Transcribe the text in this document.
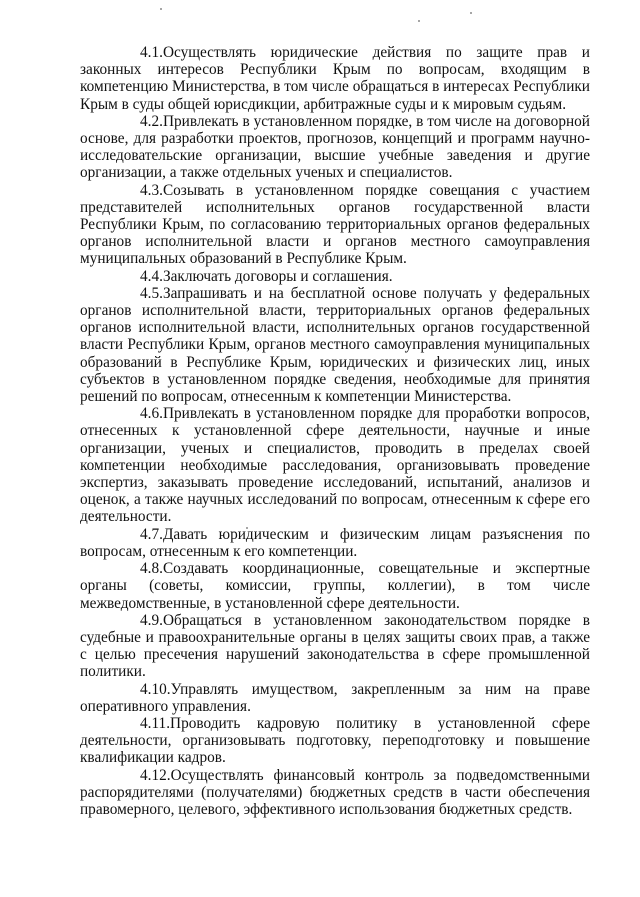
4.1.Осуществлять юридические действия по защите прав и законных интересов Республики Крым по вопросам, входящим в компетенцию Министерства, в том числе обращаться в интересах Республики Крым в суды общей юрисдикции, арбитражные суды и к мировым судьям.

4.2.Привлекать в установленном порядке, в том числе на договорной основе, для разработки проектов, прогнозов, концепций и программ научно-исследовательские организации, высшие учебные заведения и другие организации, а также отдельных ученых и специалистов.

4.3.Созывать в установленном порядке совещания с участием представителей исполнительных органов государственной власти Республики Крым, по согласованию территориальных органов федеральных органов исполнительной власти и органов местного самоуправления муниципальных образований в Республике Крым.

4.4.Заключать договоры и соглашения.

4.5.Запрашивать и на бесплатной основе получать у федеральных органов исполнительной власти, территориальных органов федеральных органов исполнительной власти, исполнительных органов государственной власти Республики Крым, органов местного самоуправления муниципальных образований в Республике Крым, юридических и физических лиц, иных субъектов в установленном порядке сведения, необходимые для принятия решений по вопросам, отнесенным к компетенции Министерства.

4.6.Привлекать в установленном порядке для проработки вопросов, отнесенных к установленной сфере деятельности, научные и иные организации, ученых и специалистов, проводить в пределах своей компетенции необходимые расследования, организовывать проведение экспертиз, заказывать проведение исследований, испытаний, анализов и оценок, а также научных исследований по вопросам, отнесенным к сфере его деятельности.

4.7.Давать юридическим и физическим лицам разъяснения по вопросам, отнесенным к его компетенции.

4.8.Создавать координационные, совещательные и экспертные органы (советы, комиссии, группы, коллегии), в том числе межведомственные, в установленной сфере деятельности.

4.9.Обращаться в установленном законодательством порядке в судебные и правоохранительные органы в целях защиты своих прав, а также с целью пресечения нарушений законодательства в сфере промышленной политики.

4.10.Управлять имуществом, закрепленным за ним на праве оперативного управления.

4.11.Проводить кадровую политику в установленной сфере деятельности, организовывать подготовку, переподготовку и повышение квалификации кадров.

4.12.Осуществлять финансовый контроль за подведомственными распорядителями (получателями) бюджетных средств в части обеспечения правомерного, целевого, эффективного использования бюджетных средств.
